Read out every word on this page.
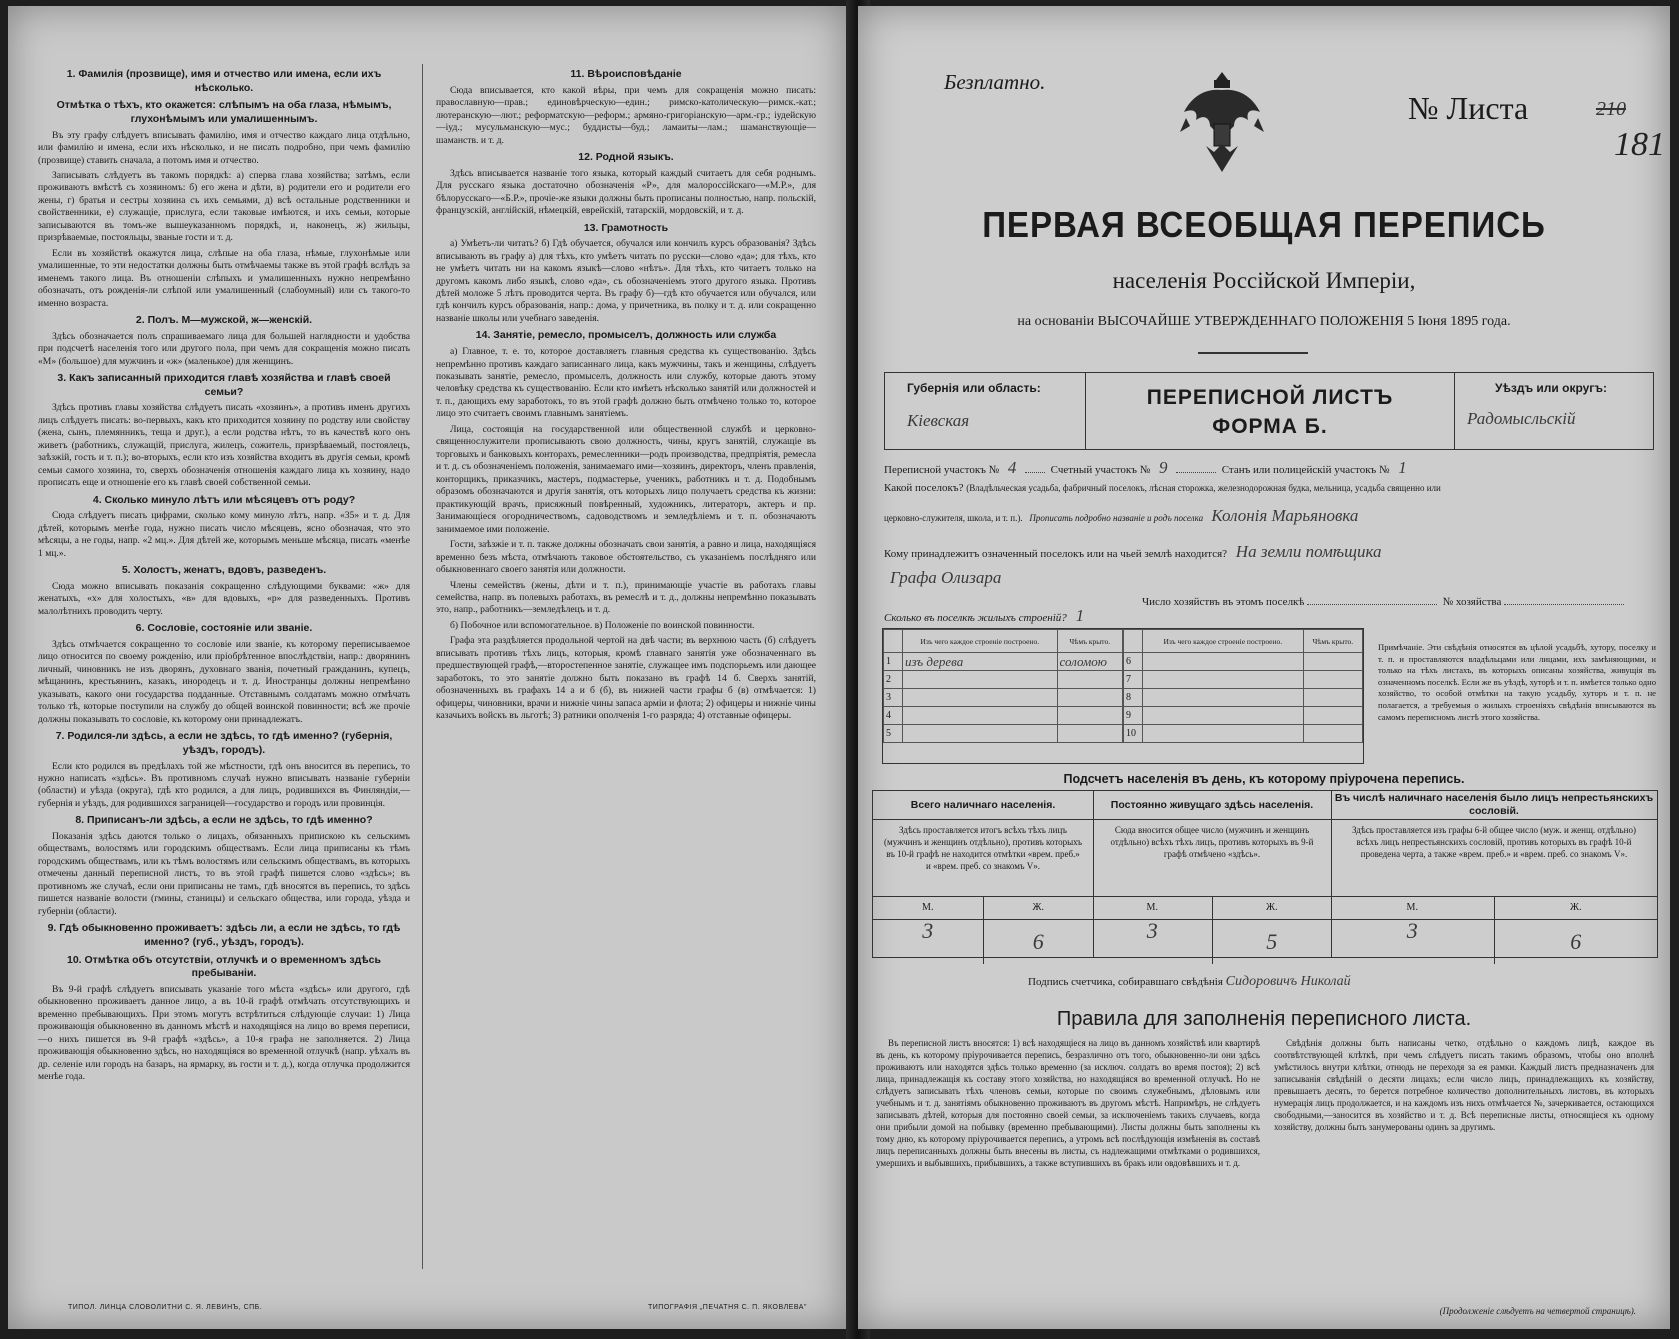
1. Фамилія (прозвище), имя и отчество или имена, если ихъ нѣсколько.
Отмѣтка о тѣхъ, кто окажется: слѣпымъ на оба глаза, нѣмымъ, глухонѣмымъ или умалишеннымъ.

Въ эту графу слѣдуетъ вписывать фамилію, имя и отчество каждаго лица отдѣльно, или фамилію и имена, если ихъ нѣсколько, и не писать подробно, при чемъ фамилію (прозвище) ставить сначала, а потомъ имя и отчество.

Записывать слѣдуетъ въ такомъ порядкѣ: а) сперва глава хозяйства; затѣмъ, если проживаютъ вмѣстѣ съ хозяиномъ: б) его жена и дѣти, в) родители его и родители его жены, г) братья и сестры хозяина съ ихъ семьями, д) всѣ остальные родственники и свойственники, е) служащіе, прислуга, если таковые имѣются, и ихъ семьи, которые записываются въ томъ-же вышеуказанномъ порядкѣ, и, наконецъ, ж) жильцы, призрѣваемые, постояльцы, званые гости и т. д.

Если въ хозяйствѣ окажутся лица, слѣпые на оба глаза, нѣмые, глухонѣмые или умалишенные, то эти недостатки должны быть отмѣчаемы также въ этой графѣ вслѣдъ за именемъ такого лица. Въ отношеніи слѣпыхъ и умалишенныхъ нужно непремѣнно обозначать, отъ рожденія-ли слѣпой или умалишенный (слабоумный) или съ такого-то именно возраста.

2. Полъ. М—мужской, ж—женскій.

Здѣсь обозначается полъ спрашиваемаго лица для большей наглядности и удобства при подсчетѣ населенія того или другого пола, при чемъ для сокращенія можно писать «М» (большое) для мужчинъ и «ж» (маленькое) для женщинъ.

3. Какъ записанный приходится главѣ хозяйства и главѣ своей семьи?

Здѣсь противъ главы хозяйства слѣдуетъ писать «хозяинъ», а противъ именъ другихъ лицъ слѣдуетъ писать: во-первыхъ, какъ кто приходится хозяину по родству или свойству (жена, сынъ, племянникъ, теща и друг.), а если родства нѣтъ, то въ качествѣ кого онъ живетъ (работникъ, служащій, прислуга, жилецъ, сожитель, призрѣваемый, постоялецъ, заѣзжій, гость и т. п.); во-вторыхъ, если кто изъ хозяйства входитъ въ другія семьи, кромѣ семьи самого хозяина, то, сверхъ обозначенія отношенія каждаго лица къ хозяину, надо прописать еще и отношеніе его къ главѣ своей собственной семьи.

4. Сколько минуло лѣтъ или мѣсяцевъ отъ роду?

Сюда слѣдуетъ писать цифрами, сколько кому минуло лѣтъ, напр. «35» и т. д. Для дѣтей, которымъ менѣе года, нужно писать число мѣсяцевъ, ясно обозначая, что это мѣсяцы, а не годы, напр. «2 мц.». Для дѣтей же, которымъ меньше мѣсяца, писать «менѣе 1 мц.».

5. Холостъ, женатъ, вдовъ, разведенъ.

Сюда можно вписывать показанія сокращенно слѣдующими буквами: «ж» для женатыхъ, «х» для холостыхъ, «в» для вдовыхъ, «р» для разведенныхъ. Противъ малолѣтнихъ проводить черту.

6. Сословіе, состояніе или званіе.

Здѣсь отмѣчается сокращенно то сословіе или званіе, къ которому переписываемое лицо относится по своему рожденію, или пріобрѣтенное впослѣдствіи, напр.: дворянинъ личный, чиновникъ не изъ дворянъ, духовнаго званія, почетный гражданинъ, купецъ, мѣщанинъ, крестьянинъ, казакъ, инородецъ и т. д. Иностранцы должны непремѣнно указывать, какого они государства подданные. Отставнымъ солдатамъ можно отмѣчать только тѣ, которые поступили на службу до общей воинской повинности; всѣ же прочіе должны показывать то сословіе, къ которому они принадлежатъ.

7. Родился-ли здѣсь, а если не здѣсь, то гдѣ именно? (губернія, уѣздъ, городъ).

Если кто родился въ предѣлахъ той же мѣстности, гдѣ онъ вносится въ перепись, то нужно написать «здѣсь». Въ противномъ случаѣ нужно вписывать названіе губерніи (области) и уѣзда (округа), гдѣ кто родился, а для лицъ, родившихся въ Финляндіи,—губернія и уѣздъ, для родившихся заграницей—государство и городъ или провинція.

8. Приписанъ-ли здѣсь, а если не здѣсь, то гдѣ именно?

Показанія здѣсь даются только о лицахъ, обязанныхъ припискою къ сельскимъ обществамъ, волостямъ или городскимъ обществамъ. Если лица приписаны къ тѣмъ городскимъ обществамъ, или къ тѣмъ волостямъ или сельскимъ обществамъ, въ которыхъ отмечены данный переписной листъ, то въ этой графѣ пишется слово «здѣсь»; въ противномъ же случаѣ, если они приписаны не тамъ, гдѣ вносятся въ перепись, то здѣсь пишется названіе волости (гмины, станицы) и сельскаго общества, или города, уѣзда и губерніи (области).

9. Гдѣ обыкновенно проживаетъ: здѣсь ли, а если не здѣсь, то гдѣ именно? (губ., уѣздъ, городъ).
10. Отмѣтка объ отсутствіи, отлучкѣ и о временномъ здѣсь пребываніи.

Въ 9-й графѣ слѣдуетъ вписывать указаніе того мѣста «здѣсь» или другого, гдѣ обыкновенно проживаетъ данное лицо, а въ 10-й графѣ отмѣчать отсутствующихъ и временно пребывающихъ. При этомъ могутъ встрѣтиться слѣдующіе случаи: 1) Лица проживающія обыкновенно въ данномъ мѣстѣ и находящіяся на лицо во время переписи,—о нихъ пишется въ 9-й графѣ «здѣсь», а 10-я графа не заполняется. 2) Лица проживающія обыкновенно здѣсь, но находящіяся во временной отлучкѣ (напр. уѣхалъ въ др. селеніе или городъ на базаръ, на ярмарку, въ гости и т. д.), когда отлучка продолжится менѣе года.

11. Вѣроисповѣданіе

Сюда вписывается, кто какой вѣры, при чемъ для сокращенія можно писать: православную—прав.; единовѣрческую—един.; римско-католическую—римск.-кат.; лютеранскую—лют.; реформатскую—реформ.; армяно-григоріанскую—арм.-гр.; іудейскую—іуд.; мусульманскую—мус.; буддисты—буд.; ламаиты—лам.; шаманствующіе—шаманств. и т. д.

12. Родной языкъ.

Здѣсь вписывается названіе того языка, который каждый считаетъ для себя роднымъ. Для русскаго языка достаточно обозначенія «Р», для малороссійскаго—«М.Р.», для бѣлорусскаго—«Б.Р.», прочіе-же языки должны быть прописаны полностью, напр. польскій, французскій, англійскій, нѣмецкій, еврейскій, татарскій, мордовскій, и т. д.

13. Грамотность

а) Умѣетъ-ли читать? б) Гдѣ обучается, обучался или кончилъ курсъ образованія? Здѣсь вписывають въ графу а) для тѣхъ, кто умѣетъ читать по русски—слово «да»; для тѣхъ, кто не умѣетъ читать ни на какомъ языкѣ—слово «нѣтъ». Для тѣхъ, кто читаетъ только на другомъ какомъ либо языкѣ, слово «да», съ обозначеніемъ этого другого языка. Противъ дѣтей моложе 5 лѣтъ проводится черта. Въ графу б)—гдѣ кто обучается или обучался, или гдѣ кончилъ курсъ образованія, напр.: дома, у причетника, въ полку и т. д. или сокращенно названіе школы или учебнаго заведенія.

14. Занятіе, ремесло, промыселъ, должность или служба

а) Главное, т. е. то, которое доставляетъ главныя средства къ существованію. Здѣсь непремѣнно противъ каждаго записаннаго лица, какъ мужчины, такъ и женщины, слѣдуетъ показывать занятіе, ремесло, промыселъ, должность или службу, которые даютъ этому человѣку средства къ существованію. Если кто имѣетъ нѣсколько занятій или должностей и т. п., дающихъ ему заработокъ, то въ этой графѣ должно быть отмѣчено только то, которое лицо это считаетъ своимъ главнымъ занятіемъ.

Лица, состоящія на государственной или общественной службѣ и церковно-священнослужители прописывають свою должность, чины, кругъ занятій, служащіе въ торговыхъ и банковыхъ конторахъ, ремесленники—родъ производства, предпріятія, ремесла и т. д. съ обозначеніемъ положенія, занимаемаго ими—хозяинъ, директоръ, членъ правленія, конторщикъ, приказчикъ, мастеръ, подмастерье, ученикъ, работникъ и т. д. Подобнымъ образомъ обозначаются и другія занятія, отъ которыхъ лицо получаетъ средства къ жизни: практикующій врачъ, присяжный повѣренный, художникъ, литераторъ, актеръ и пр. Занимающіеся огородничествомъ, садоводствомъ и земледѣліемъ и т. п. обозначаютъ занимаемое ими положеніе.

Гости, заѣзжіе и т. п. также должны обозначать свои занятія, а равно и лица, находящіяся временно безъ мѣста, отмѣчають таковое обстоятельство, съ указаніемъ послѣдняго или обыкновеннаго своего занятія или должности.

Члены семействъ (жены, дѣти и т. п.), принимающіе участіе въ работахъ главы семейства, напр. въ полевыхъ работахъ, въ ремеслѣ и т. д., должны непремѣнно показывать это, напр., работникъ—земледѣлецъ и т. д.

б) Побочное или вспомогательное. в) Положеніе по воинской повинности.

Графа эта раздѣляется продольной чертой на двѣ части; въ верхнюю часть (б) слѣдуетъ вписывать противъ тѣхъ лицъ, которыя, кромѣ главнаго занятія уже обозначеннаго въ предшествующей графѣ,—второстепенное занятіе, служащее имъ подспорьемъ или дающее заработокъ, то это занятіе должно быть показано въ графѣ 14 б. Сверхъ занятій, обозначенныхъ въ графахъ 14 а и б (б), въ нижней части графы б (в) отмѣчается: 1) офицеры, чиновники, врачи и нижніе чины запаса арміи и флота; 2) офицеры и нижніе чины казачьихъ войскъ въ льготѣ; 3) ратники ополченія 1-го разряда; 4) отставные офицеры.

ТИПОЛ. ЛИНЦА СЛОВОЛИТНИ С. Я. ЛЕВИНЪ, СПБ.	ТИПОГРАФІЯ „ПЕЧАТНЯ С. П. ЯКОВЛЕВА"
Безплатно.
№ Листа	210
181
ПЕРВАЯ ВСЕОБЩАЯ ПЕРЕПИСЬ
населенія Россійской Имперіи,
на основаніи ВЫСОЧАЙШЕ УТВЕРЖДЕННАГО ПОЛОЖЕНІЯ 5 Іюня 1895 года.
Губернія или область:
Кіевская
ПЕРЕПИСНОЙ ЛИСТЪ
ФОРМА Б.
Уѣздъ или округъ:
Радомысльскій
Переписной участокъ № 4	Счетный участокъ № 9	Станъ или полицейскій участокъ № 1
Какой поселокъ? (Владѣльческая усадьба, фабричный поселокъ, лѣсная сторожка, железнодорожная будка, мельница, усадьба священно или
церковно-служителя, школа, и т. п.). Прописать подробно названіе и родъ поселка Колонія Марьяновка
Кому принадлежитъ означенный поселокъ или на чьей землѣ находится? На земли помѣщика
Графа Олизара
Число хозяйствъ въ этомъ поселкѣ	№ хозяйства
Сколько въ поселкѣ жилыхъ строеній? 1
	Изъ чего каждое строеніе построено.	Чѣмъ крыто.
1	изъ дерева	соломою
2		
3		
4		
5		
	Изъ чего каждое строеніе построено.	Чѣмъ крыто.
6		
7		
8		
9		
10		
Примѣчаніе. Эти свѣдѣнія относятся въ цѣлой усадьбѣ, хутору, поселку и т. п. и проставляются владѣльцами или лицами, ихъ замѣняющими, и только на тѣхъ листахъ, въ которыхъ описаны хозяйства, живущія въ означенномъ поселкѣ. Если же въ уѣздѣ, хуторѣ и т. п. имѣется только одно хозяйство, то особой отмѣтки на такую усадьбу, хуторъ и т. п. не полагается, а требуемыя о жилыхъ строеніяхъ свѣдѣнія вписываются въ самомъ переписномъ листѣ этого хозяйства.
Подсчетъ населенія въ день, къ которому пріурочена перепись.
Всего наличнаго населенія.
Здѣсь проставляется итогъ всѣхъ тѣхъ лицъ (мужчинъ и женщинъ отдѣльно), противъ которыхъ въ 10-й графѣ не находится отмѣтки «врем. преб.» и «врем. преб. со знакомъ V».
М.	Ж.
3	6
Постоянно живущаго здѣсь населенія.
Сюда вносится общее число (мужчинъ и женщинъ отдѣльно) всѣхъ тѣхъ лицъ, противъ которыхъ въ 9-й графѣ отмѣчено «здѣсь».
М.	Ж.
3	5
Въ числѣ наличнаго населенія было лицъ непрестьянскихъ сословій.
Здѣсь проставляется изъ графы 6-й общее число (муж. и женщ. отдѣльно) всѣхъ лицъ непрестьянскихъ сословій, противъ которыхъ въ графѣ 10-й проведена черта, а также «врем. преб.» и «врем. преб. со знакомъ V».
М.	Ж.
3	6
Подпись счетчика, собиравшаго свѣдѣнія Сидоровичъ Николай
Правила для заполненія переписного листа.

Въ переписной листъ вносятся: 1) всѣ находящіеся на лицо въ данномъ хозяйствѣ или квартирѣ въ день, къ которому пріурочивается перепись, безразлично отъ того, обыкновенно-ли они здѣсь проживаютъ или находятся здѣсь только временно (за исключ. солдатъ во время постоя); 2) всѣ лица, принадлежащія къ составу этого хозяйства, но находящіяся во временной отлучкѣ. Но не слѣдуетъ записывать тѣхъ членовъ семьи, которые по своимъ служебнымъ, дѣловымъ или учебнымъ и т. д. занятіямъ обыкновенно проживаютъ въ другомъ мѣстѣ. Напримѣръ, не слѣдуетъ записывать дѣтей, которыя для постоянно своей семьи, за исключеніемъ такихъ случаевъ, когда они прибыли домой на побывку (временно пребывающими). Листы должны быть заполнены къ тому дню, къ которому пріурочивается перепись, а утромъ всѣ послѣдующія измѣненія въ составѣ лицъ переписанныхъ должны быть внесены въ листы, съ надлежащими отмѣтками о родившихся, умершихъ и выбывшихъ, прибывшихъ, а также вступившихъ въ бракъ или овдовѣвшихъ и т. д.

Свѣдѣнія должны быть написаны четко, отдѣльно о каждомъ лицѣ, каждое въ соотвѣтствующей клѣткѣ, при чемъ слѣдуетъ писать такимъ образомъ, чтобы оно вполнѣ умѣстилось внутри клѣтки, отнюдь не переходя за ея рамки. Каждый листъ предназначенъ для записыванія свѣдѣній о десяти лицахъ; если число лицъ, принадлежащихъ къ хозяйству, превышаетъ десять, то берется потребное количество дополнительныхъ листовъ, въ которыхъ нумерація лицъ продолжается, и на каждомъ изъ нихъ отмѣчается №, зачеркивается, остающихся свободными,—заносится въ хозяйство и т. д. Всѣ переписные листы, относящіеся къ одному хозяйству, должны быть занумерованы одинъ за другимъ.

(Продолженіе слѣдуетъ на четвертой страницѣ).
